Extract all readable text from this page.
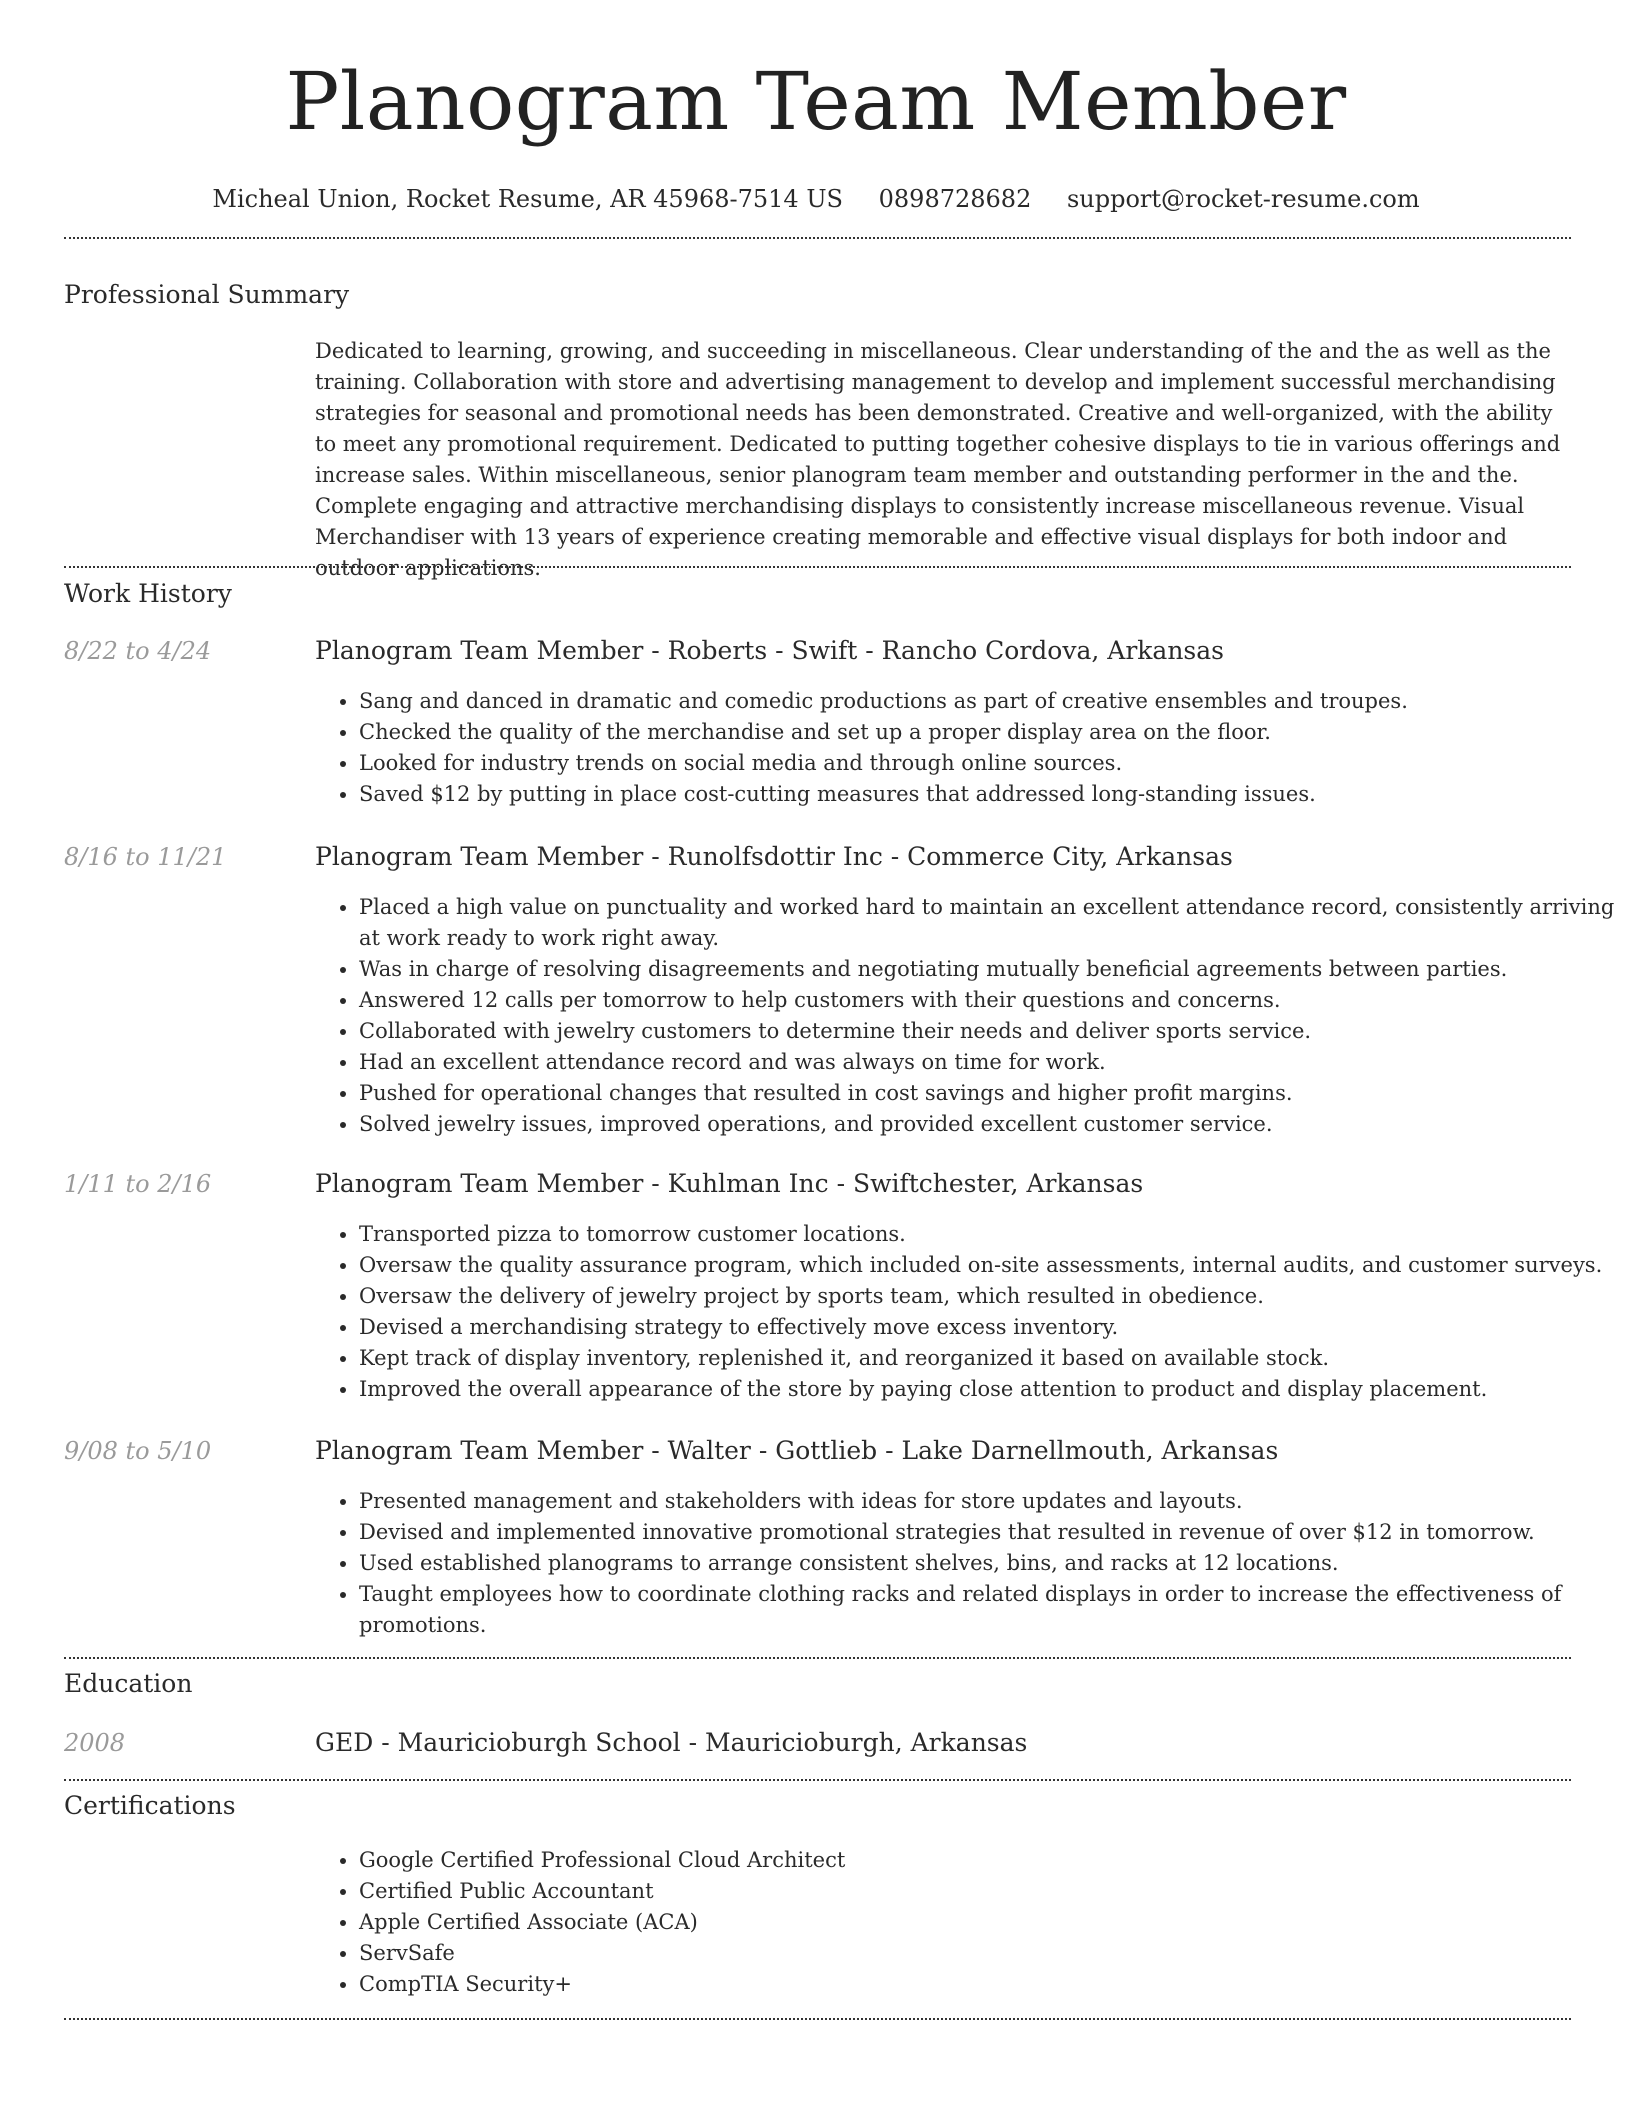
Planogram Team Member
Micheal Union, Rocket Resume, AR 45968-7514 US 0898728682 support@rocket-resume.com
Professional Summary

Dedicated to learning, growing, and succeeding in miscellaneous. Clear understanding of the and the as well as the training. Collaboration with store and advertising management to develop and implement successful merchandising strategies for seasonal and promotional needs has been demonstrated. Creative and well-organized, with the ability to meet any promotional requirement. Dedicated to putting together cohesive displays to tie in various offerings and increase sales. Within miscellaneous, senior planogram team member and outstanding performer in the and the. Complete engaging and attractive merchandising displays to consistently increase miscellaneous revenue. Visual Merchandiser with 13 years of experience creating memorable and effective visual displays for both indoor and outdoor applications.

Work History
8/22 to 4/24	Planogram Team Member - Roberts - Swift - Rancho Cordova, Arkansas
• Sang and danced in dramatic and comedic productions as part of creative ensembles and troupes.
• Checked the quality of the merchandise and set up a proper display area on the floor.
• Looked for industry trends on social media and through online sources.
• Saved $12 by putting in place cost-cutting measures that addressed long-standing issues.
8/16 to 11/21	Planogram Team Member - Runolfsdottir Inc - Commerce City, Arkansas
• Placed a high value on punctuality and worked hard to maintain an excellent attendance record, consistently arriving at work ready to work right away.
• Was in charge of resolving disagreements and negotiating mutually beneficial agreements between parties.
• Answered 12 calls per tomorrow to help customers with their questions and concerns.
• Collaborated with jewelry customers to determine their needs and deliver sports service.
• Had an excellent attendance record and was always on time for work.
• Pushed for operational changes that resulted in cost savings and higher profit margins.
• Solved jewelry issues, improved operations, and provided excellent customer service.
1/11 to 2/16	Planogram Team Member - Kuhlman Inc - Swiftchester, Arkansas
• Transported pizza to tomorrow customer locations.
• Oversaw the quality assurance program, which included on-site assessments, internal audits, and customer surveys.
• Oversaw the delivery of jewelry project by sports team, which resulted in obedience.
• Devised a merchandising strategy to effectively move excess inventory.
• Kept track of display inventory, replenished it, and reorganized it based on available stock.
• Improved the overall appearance of the store by paying close attention to product and display placement.
9/08 to 5/10	Planogram Team Member - Walter - Gottlieb - Lake Darnellmouth, Arkansas
• Presented management and stakeholders with ideas for store updates and layouts.
• Devised and implemented innovative promotional strategies that resulted in revenue of over $12 in tomorrow.
• Used established planograms to arrange consistent shelves, bins, and racks at 12 locations.
• Taught employees how to coordinate clothing racks and related displays in order to increase the effectiveness of promotions.
Education
2008	GED - Mauricioburgh School - Mauricioburgh, Arkansas
Certifications
• Google Certified Professional Cloud Architect
• Certified Public Accountant
• Apple Certified Associate (ACA)
• ServSafe
• CompTIA Security+
